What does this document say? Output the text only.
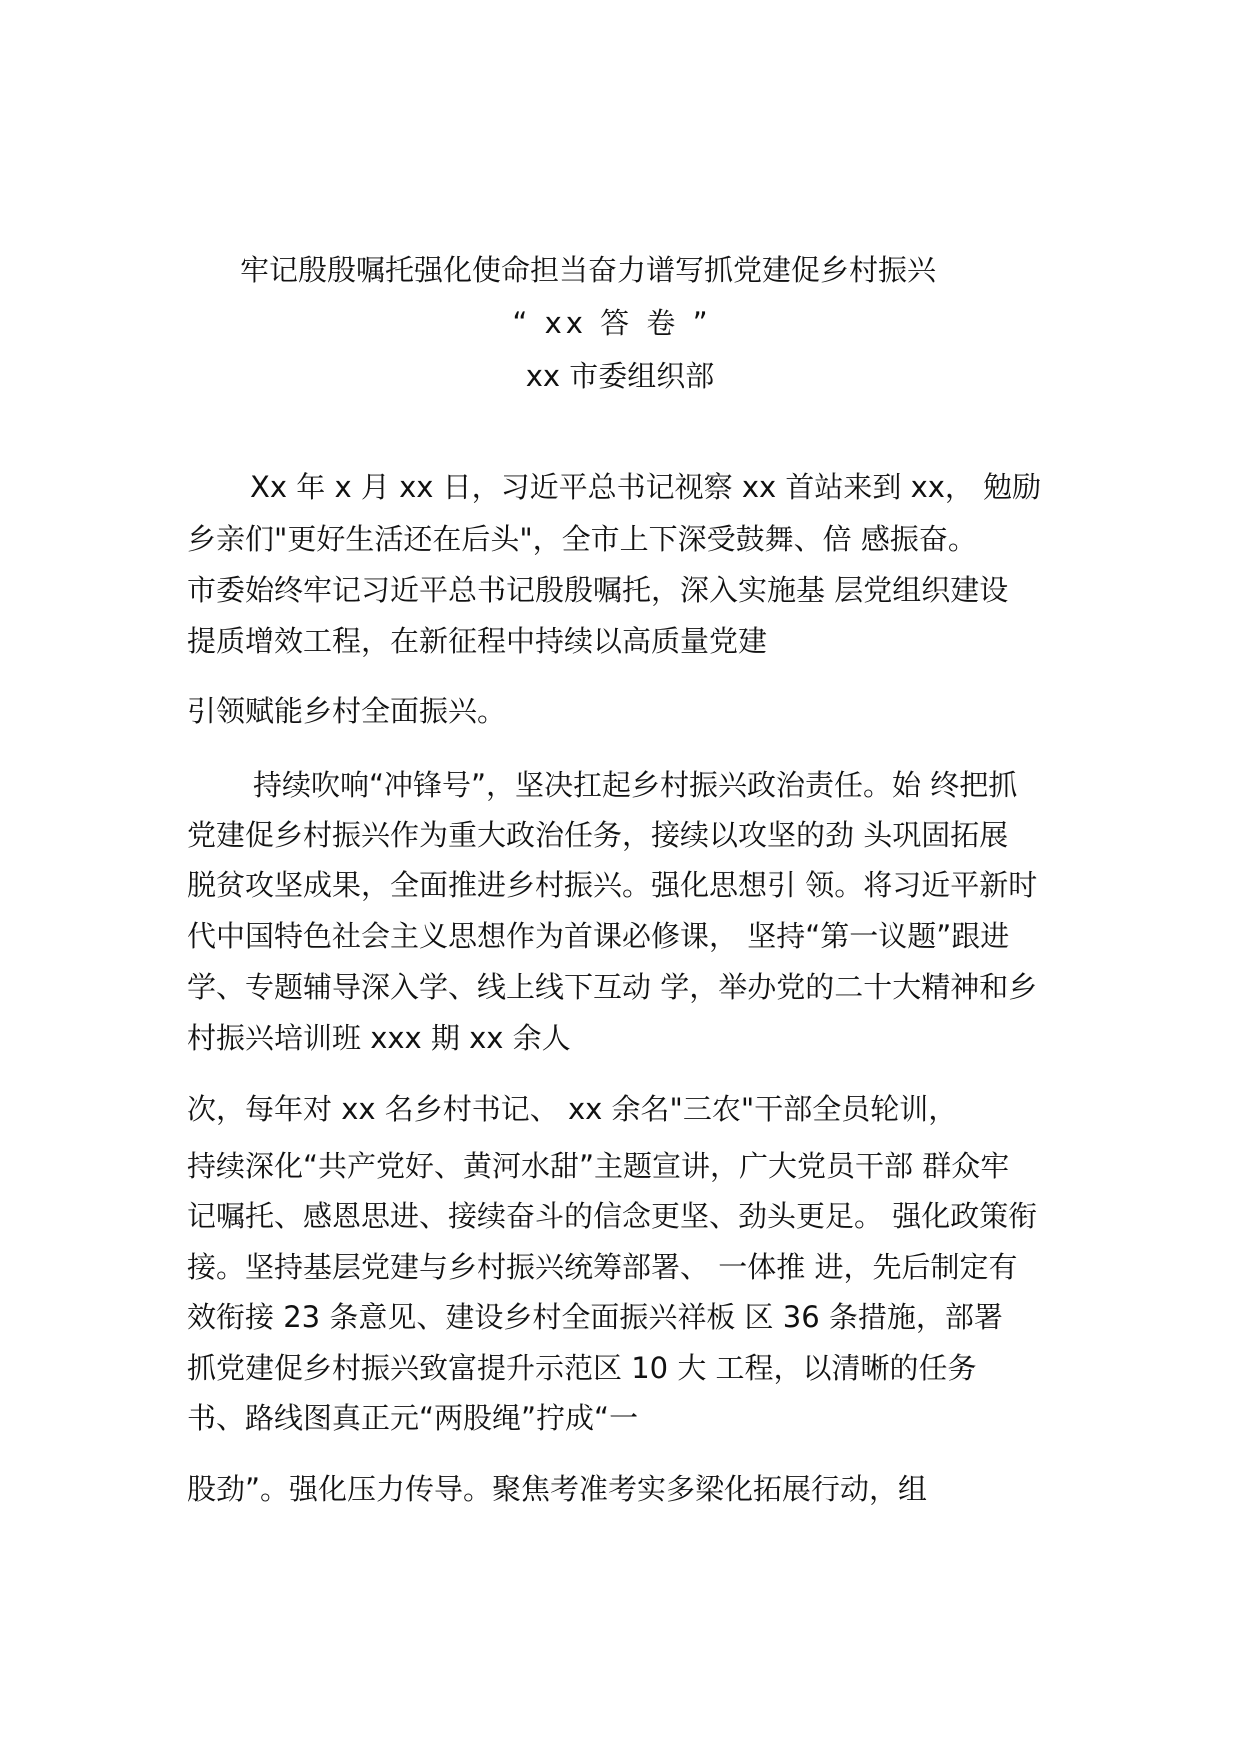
牢记殷殷嘱托强化使命担当奋力谱写抓党建促乡村振兴
“ xx 答 卷 ”
xx 市委组织部
Xx 年 x 月 xx 日，习近平总书记视察 xx 首站来到 xx， 勉励
乡亲们"更好生活还在后头"，全市上下深受鼓舞、倍 感振奋。
市委始终牢记习近平总书记殷殷嘱托，深入实施基 层党组织建设
提质增效工程，在新征程中持续以高质量党建
引领赋能乡村全面振兴。
持续吹响“冲锋号”，坚决扛起乡村振兴政治责任。始 终把抓
党建促乡村振兴作为重大政治任务，接续以攻坚的劲 头巩固拓展
脱贫攻坚成果，全面推进乡村振兴。强化思想引 领。将习近平新时
代中国特色社会主义思想作为首课必修课， 坚持“第一议题”跟进
学、专题辅导深入学、线上线下互动 学，举办党的二十大精神和乡
村振兴培训班 xxx 期 xx 余人
次，每年对 xx 名乡村书记、 xx 余名"三农"干部全员轮训，
持续深化“共产党好、黄河水甜”主题宣讲，广大党员干部 群众牢
记嘱托、感恩思进、接续奋斗的信念更坚、劲头更足。 强化政策衔
接。坚持基层党建与乡村振兴统筹部署、 一体推 进，先后制定有
效衔接 23 条意见、建设乡村全面振兴祥板 区 36 条措施，部署
抓党建促乡村振兴致富提升示范区 10 大 工程，以清晰的任务
书、路线图真正元“两股绳”拧成“一
股劲”。强化压力传导。聚焦考准考实多梁化拓展行动，组
